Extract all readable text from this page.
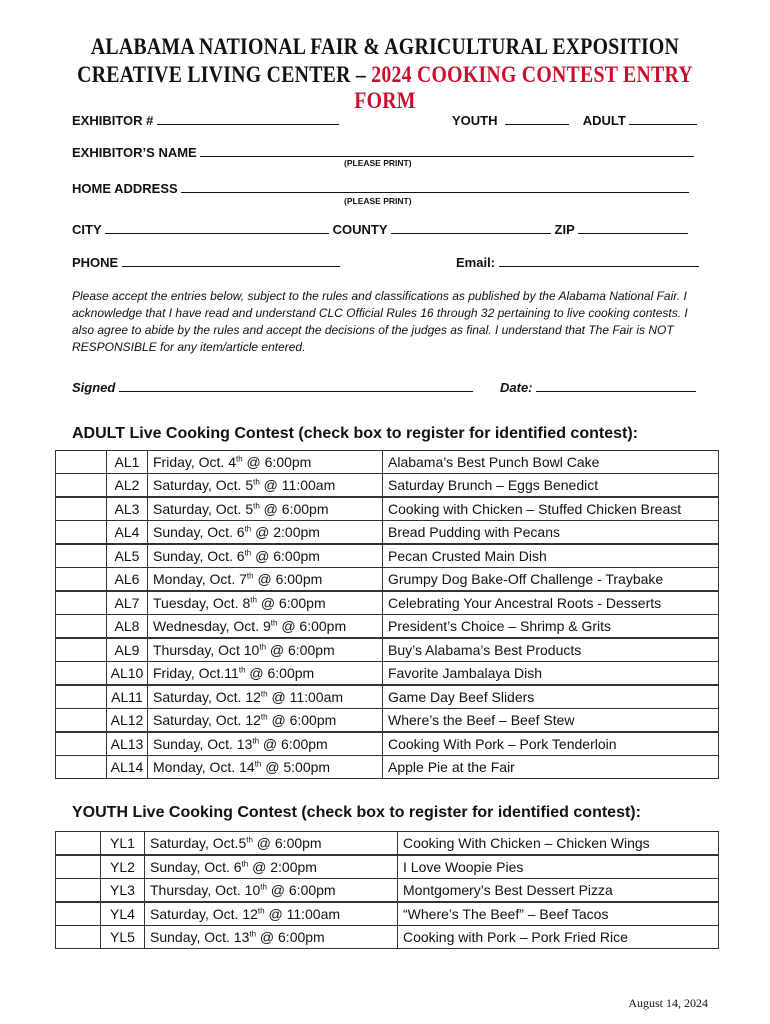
ALABAMA NATIONAL FAIR & AGRICULTURAL EXPOSITION
CREATIVE LIVING CENTER – 2024 COOKING CONTEST ENTRY FORM
EXHIBITOR #	YOUTH	ADULT
EXHIBITOR’S NAME
(PLEASE PRINT)
HOME ADDRESS
(PLEASE PRINT)
CITY	COUNTY	ZIP
PHONE	Email:
Please accept the entries below, subject to the rules and classifications as published by the Alabama National Fair. I acknowledge that I have read and understand CLC Official Rules 16 through 32 pertaining to live cooking contests. I also agree to abide by the rules and accept the decisions of the judges as final. I understand that The Fair is NOT RESPONSIBLE for any item/article entered.
Signed	Date:
ADULT Live Cooking Contest (check box to register for identified contest):
	AL1	Friday, Oct. 4th @ 6:00pm	Alabama’s Best Punch Bowl Cake
	AL2	Saturday, Oct. 5th @ 11:00am	Saturday Brunch – Eggs Benedict
	AL3	Saturday, Oct. 5th @ 6:00pm	Cooking with Chicken – Stuffed Chicken Breast
	AL4	Sunday, Oct. 6th @ 2:00pm	Bread Pudding with Pecans
	AL5	Sunday, Oct. 6th @ 6:00pm	Pecan Crusted Main Dish
	AL6	Monday, Oct. 7th @ 6:00pm	Grumpy Dog Bake-Off Challenge - Traybake
	AL7	Tuesday, Oct. 8th @ 6:00pm	Celebrating Your Ancestral Roots - Desserts
	AL8	Wednesday, Oct. 9th @ 6:00pm	President’s Choice – Shrimp & Grits
	AL9	Thursday, Oct 10th @ 6:00pm	Buy’s Alabama’s Best Products
	AL10	Friday, Oct.11th @ 6:00pm	Favorite Jambalaya Dish
	AL11	Saturday, Oct. 12th @ 11:00am	Game Day Beef Sliders
	AL12	Saturday, Oct. 12th @ 6:00pm	Where’s the Beef – Beef Stew
	AL13	Sunday, Oct. 13th @ 6:00pm	Cooking With Pork – Pork Tenderloin
	AL14	Monday, Oct. 14th @ 5:00pm	Apple Pie at the Fair
YOUTH Live Cooking Contest (check box to register for identified contest):
	YL1	Saturday, Oct.5th @ 6:00pm	Cooking With Chicken – Chicken Wings
	YL2	Sunday, Oct. 6th @ 2:00pm	I Love Woopie Pies
	YL3	Thursday, Oct. 10th @ 6:00pm	Montgomery’s Best Dessert Pizza
	YL4	Saturday, Oct. 12th @ 11:00am	“Where’s The Beef” – Beef Tacos
	YL5	Sunday, Oct. 13th @ 6:00pm	Cooking with Pork – Pork Fried Rice
August 14, 2024
